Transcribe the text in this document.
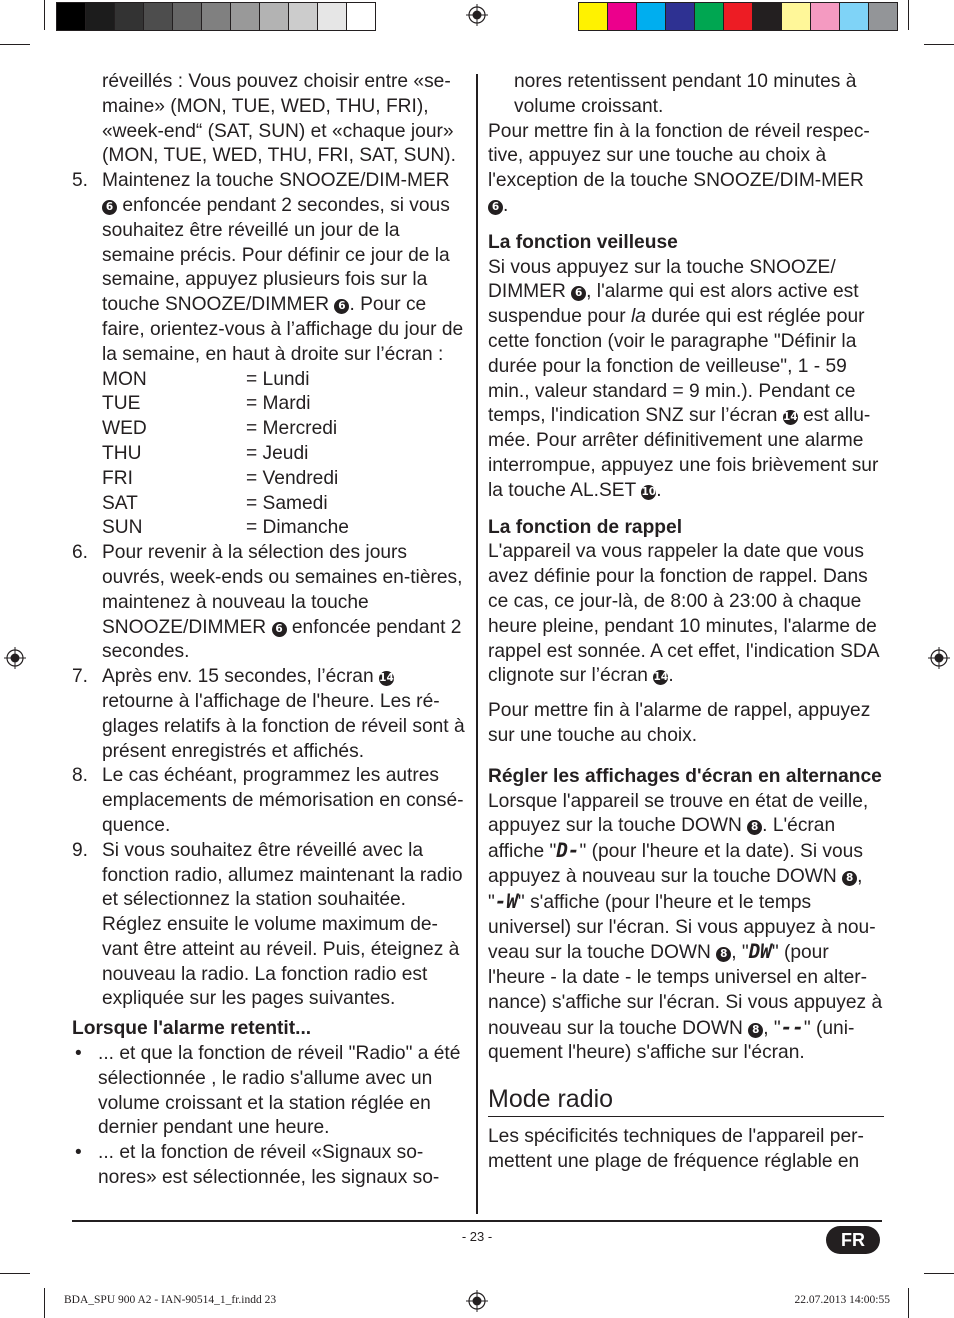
réveillés : Vous pouvez choisir entre «se-maine» (MON, TUE, WED, THU, FRI), «week-end“ (SAT, SUN) et «chaque jour» (MON, TUE, WED, THU, FRI, SAT, SUN).

5. Maintenez la touche SNOOZE/DIM-MER 6 enfoncée pendant 2 secondes, si vous souhaitez être réveillé un jour de la semaine précis. Pour définir ce jour de la semaine, appuyez plusieurs fois sur la touche SNOOZE/DIMMER 6 . Pour ce faire, orientez-vous à l’affichage du jour de la semaine, en haut à droite sur l’écran :
MON	= Lundi
TUE	= Mardi
WED	= Mercredi
THU	= Jeudi
FRI	= Vendredi
SAT	= Samedi
SUN	= Dimanche
6. Pour revenir à la sélection des jours ouvrés, week-ends ou semaines en-tières, maintenez à nouveau la touche SNOOZE/DIMMER 6 enfoncée pendant 2 secondes.
7. Après env. 15 secondes, l’écran 14 retourne à l'affichage de l'heure. Les ré-glages relatifs à la fonction de réveil sont à présent enregistrés et affichés.
8. Le cas échéant, programmez les autres emplacements de mémorisation en consé-quence.
9. Si vous souhaitez être réveillé avec la fonction radio, allumez maintenant la radio et sélectionnez la station souhaitée. Réglez ensuite le volume maximum de-vant être atteint au réveil. Puis, éteignez à nouveau la radio. La fonction radio est expliquée sur les pages suivantes.
Lorsque l'alarme retentit...
• ... et que la fonction de réveil "Radio" a été sélectionnée , le radio s'allume avec un volume croissant et la station réglée en dernier pendant une heure.
• ... et la fonction de réveil «Signaux so-nores» est sélectionnée, les signaux so-

nores retentissent pendant 10 minutes à volume croissant.

Pour mettre fin à la fonction de réveil respec-tive, appuyez sur une touche au choix à l'exception de la touche SNOOZE/DIM-MER 6 .

La fonction veilleuse

Si vous appuyez sur la touche SNOOZE/ DIMMER 6 , l'alarme qui est alors active est suspendue pour la durée qui est réglée pour cette fonction (voir le paragraphe "Définir la durée pour la fonction de veilleuse", 1 - 59 min., valeur standard = 9 min.). Pendant ce temps, l'indication SNZ sur l’écran 14 est allu-mée. Pour arrêter définitivement une alarme interrompue, appuyez une fois brièvement sur la touche AL.SET 10.

La fonction de rappel

L'appareil va vous rappeler la date que vous avez définie pour la fonction de rappel. Dans ce cas, ce jour-là, de 8:00 à 23:00 à chaque heure pleine, pendant 10 minutes, l'alarme de rappel est sonnée. A cet effet, l'indication SDA clignote sur l’écran 14.

Pour mettre fin à l'alarme de rappel, appuyez sur une touche au choix.

Régler les affichages d'écran en alternance

Lorsque l'appareil se trouve en état de veille, appuyez sur la touche DOWN 8 . L'écran affiche "D-" (pour l'heure et la date). Si vous appuyez à nouveau sur la touche DOWN 8 , "-W" s'affiche (pour l'heure et le temps universel) sur l'écran. Si vous appuyez à nou-veau sur la touche DOWN 8 , "DW" (pour l'heure - la date - le temps universel en alter-nance) s'affiche sur l'écran. Si vous appuyez à nouveau sur la touche DOWN 8 , "--" (uni-quement l'heure) s'affiche sur l'écran.

Mode radio

Les spécificités techniques de l'appareil per-mettent une plage de fréquence réglable en

- 23 -	FR
BDA_SPU 900 A2 - IAN-90514_1_fr.indd 23	22.07.2013 14:00:55
